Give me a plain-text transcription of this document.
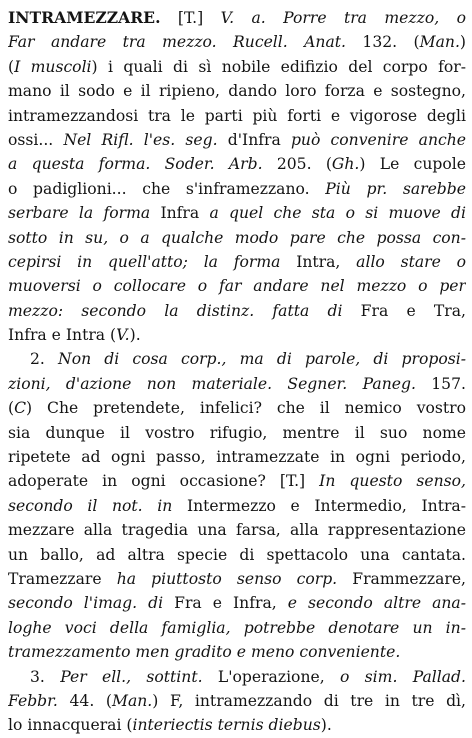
INTRAMEZZARE. [T.] V. a. Porre tra mezzo, o
Far andare tra mezzo. Rucell. Anat. 132. (Man.)
(I muscoli) i quali di sì nobile edifizio del corpo for-
mano il sodo e il ripieno, dando loro forza e sostegno,
intramezzandosi tra le parti più forti e vigorose degli
ossi... Nel Rifl. l'es. seg. d'Infra può convenire anche
a questa forma. Soder. Arb. 205. (Gh.) Le cupole
o padiglioni... che s'inframezzano. Più pr. sarebbe
serbare la forma Infra a quel che sta o si muove di
sotto in su, o a qualche modo pare che possa con-
cepirsi in quell'atto; la forma Intra, allo stare o
muoversi o collocare o far andare nel mezzo o per
mezzo: secondo la distinz. fatta di Fra e Tra,
Infra e Intra (V.).
2. Non di cosa corp., ma di parole, di proposi-
zioni, d'azione non materiale. Segner. Paneg. 157.
(C) Che pretendete, infelici? che il nemico vostro
sia dunque il vostro rifugio, mentre il suo nome
ripetete ad ogni passo, intramezzate in ogni periodo,
adoperate in ogni occasione? [T.] In questo senso,
secondo il not. in Intermezzo e Intermedio, Intra-
mezzare alla tragedia una farsa, alla rappresentazione
un ballo, ad altra specie di spettacolo una cantata.
Tramezzare ha piuttosto senso corp. Frammezzare,
secondo l'imag. di Fra e Infra, e secondo altre ana-
loghe voci della famiglia, potrebbe denotare un in-
tramezzamento men gradito e meno conveniente.
3. Per ell., sottint. L'operazione, o sim. Pallad.
Febbr. 44. (Man.) F, intramezzando di tre in tre dì,
lo innacquerai (interiectis ternis diebus).
